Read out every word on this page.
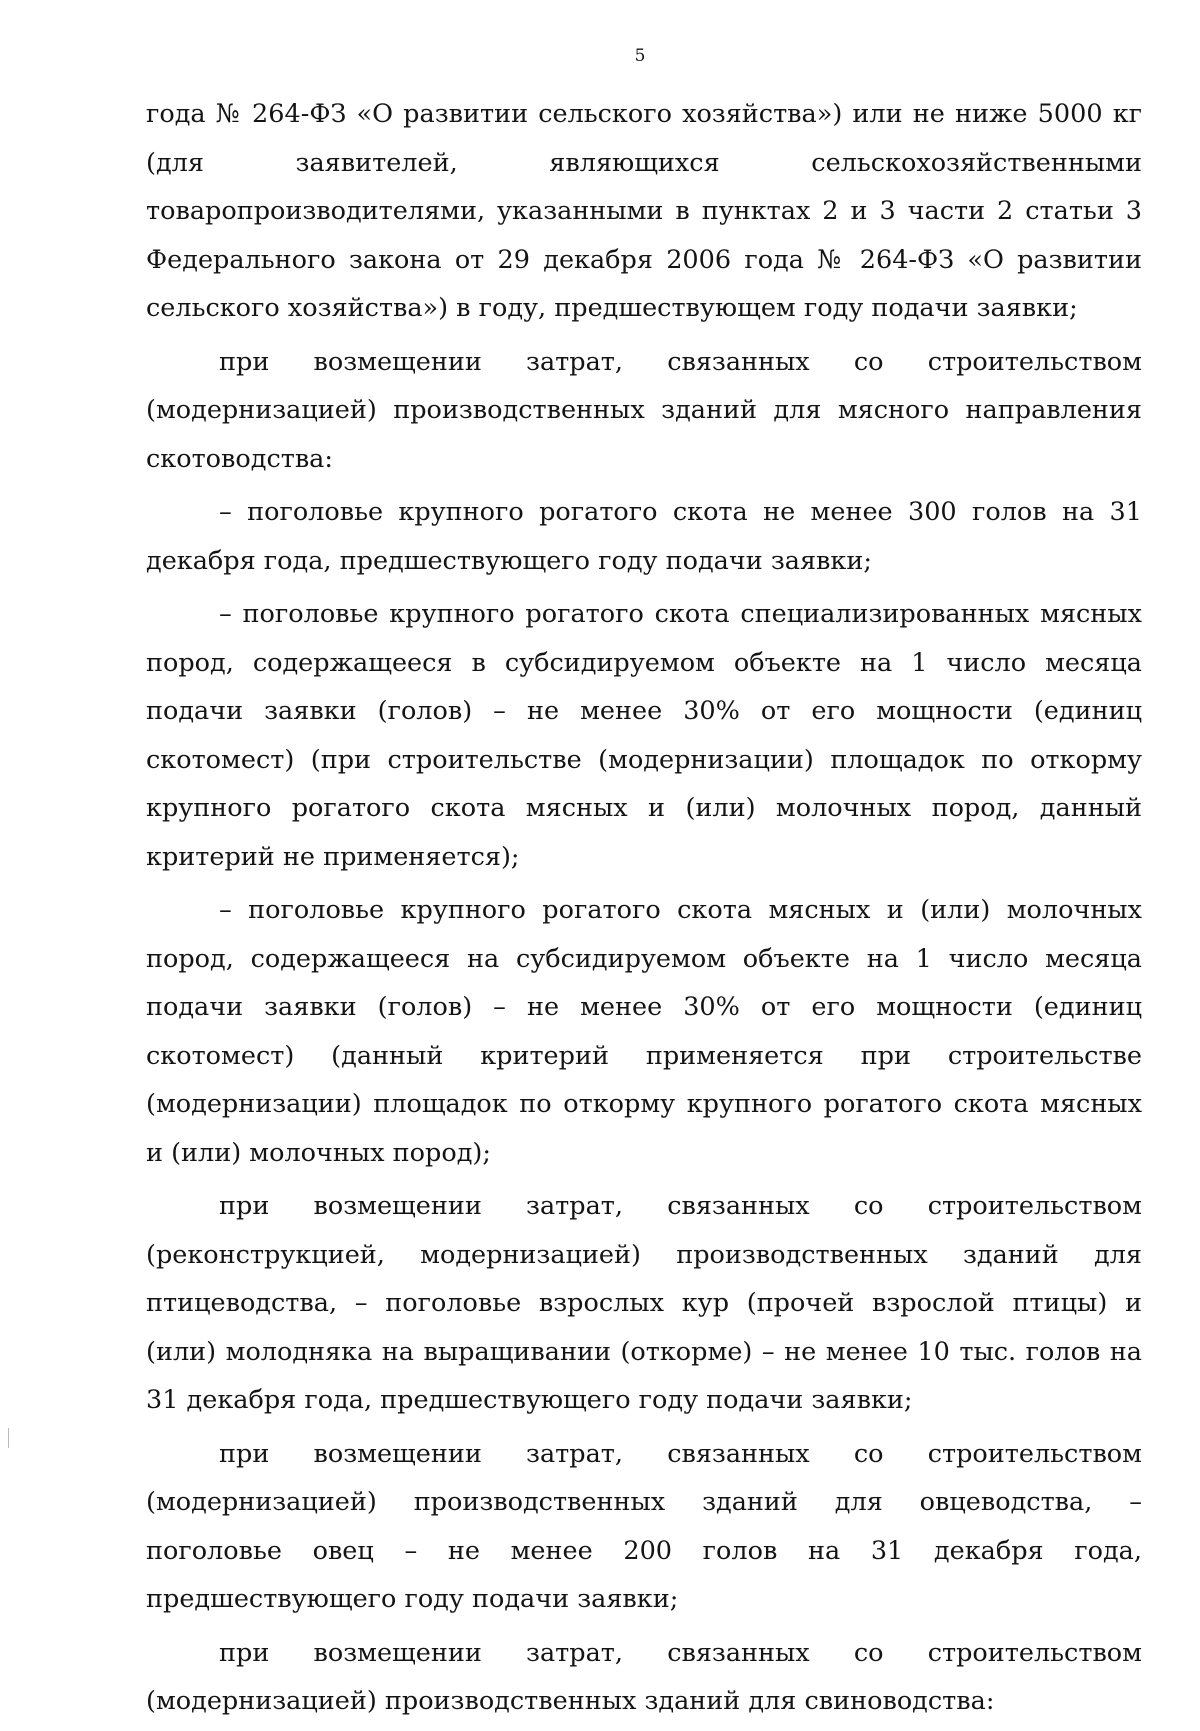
5

года № 264-ФЗ «О развитии сельского хозяйства») или не ниже 5000 кг (для заявителей, являющихся сельскохозяйственными товаропроизводителями, указанными в пунктах 2 и 3 части 2 статьи 3 Федерального закона от 29 декабря 2006 года № 264-ФЗ «О развитии сельского хозяйства») в году, предшествующем году подачи заявки;

при возмещении затрат, связанных со строительством (модернизацией) производственных зданий для мясного направления скотоводства:

– поголовье крупного рогатого скота не менее 300 голов на 31 декабря года, предшествующего году подачи заявки;

– поголовье крупного рогатого скота специализированных мясных пород, содержащееся в субсидируемом объекте на 1 число месяца подачи заявки (голов) – не менее 30% от его мощности (единиц скотомест) (при строительстве (модернизации) площадок по откорму крупного рогатого скота мясных и (или) молочных пород, данный критерий не применяется);

– поголовье крупного рогатого скота мясных и (или) молочных пород, содержащееся на субсидируемом объекте на 1 число месяца подачи заявки (голов) – не менее 30% от его мощности (единиц скотомест) (данный критерий применяется при строительстве (модернизации) площадок по откорму крупного рогатого скота мясных и (или) молочных пород);

при возмещении затрат, связанных со строительством (реконструкцией, модернизацией) производственных зданий для птицеводства, – поголовье взрослых кур (прочей взрослой птицы) и (или) молодняка на выращивании (откорме) – не менее 10 тыс. голов на 31 декабря года, предшествующего году подачи заявки;

при возмещении затрат, связанных со строительством (модернизацией) производственных зданий для овцеводства, – поголовье овец – не менее 200 голов на 31 декабря года, предшествующего году подачи заявки;

при возмещении затрат, связанных со строительством (модернизацией) производственных зданий для свиноводства:
